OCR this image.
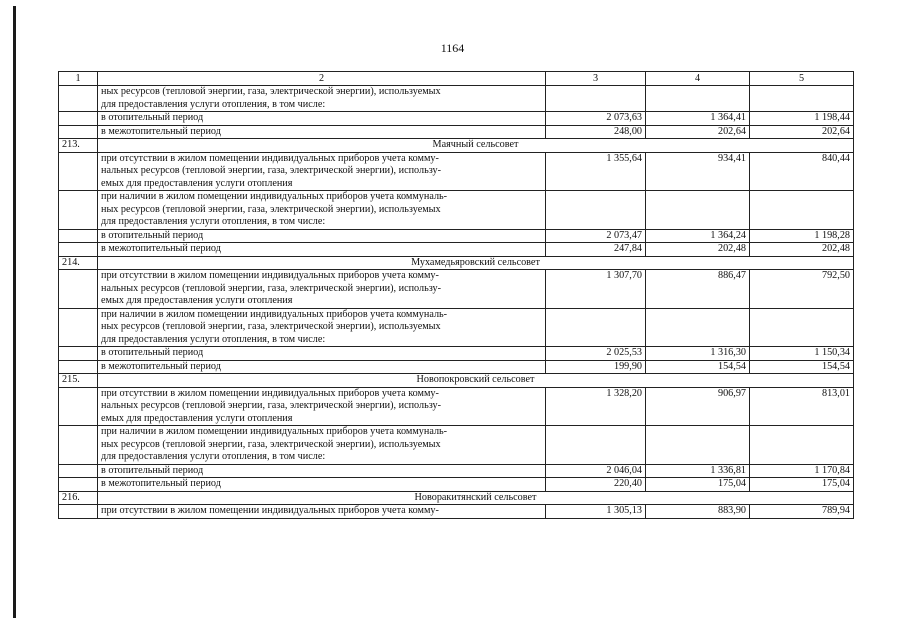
1164
1	2	3	4	5

	ных ресурсов (тепловой энергии, газа, электрической энергии), используемых
для предоставления услуги отопления, в том числе:			

	в отопительный период	2 073,63	1 364,41	1 198,44

	в межотопительный период	248,00	202,64	202,64
213.	Маячный сельсовет			

	при отсутствии в жилом помещении индивидуальных приборов учета комму-
нальных ресурсов (тепловой энергии, газа, электрической энергии), использу-
емых для предоставления услуги отопления	1 355,64	934,41	840,44

	при наличии в жилом помещении индивидуальных приборов учета коммуналь-
ных ресурсов (тепловой энергии, газа, электрической энергии), используемых
для предоставления услуги отопления, в том числе:			

	в отопительный период	2 073,47	1 364,24	1 198,28

	в межотопительный период	247,84	202,48	202,48
214.	Мухамедьяровский сельсовет			

	при отсутствии в жилом помещении индивидуальных приборов учета комму-
нальных ресурсов (тепловой энергии, газа, электрической энергии), использу-
емых для предоставления услуги отопления	1 307,70	886,47	792,50

	при наличии в жилом помещении индивидуальных приборов учета коммуналь-
ных ресурсов (тепловой энергии, газа, электрической энергии), используемых
для предоставления услуги отопления, в том числе:			

	в отопительный период	2 025,53	1 316,30	1 150,34

	в межотопительный период	199,90	154,54	154,54
215.	Новопокровский сельсовет			

	при отсутствии в жилом помещении индивидуальных приборов учета комму-
нальных ресурсов (тепловой энергии, газа, электрической энергии), использу-
емых для предоставления услуги отопления	1 328,20	906,97	813,01

	при наличии в жилом помещении индивидуальных приборов учета коммуналь-
ных ресурсов (тепловой энергии, газа, электрической энергии), используемых
для предоставления услуги отопления, в том числе:			

	в отопительный период	2 046,04	1 336,81	1 170,84

	в межотопительный период	220,40	175,04	175,04
216.	Новоракитянский сельсовет			

	при отсутствии в жилом помещении индивидуальных приборов учета комму-	1 305,13	883,90	789,94
